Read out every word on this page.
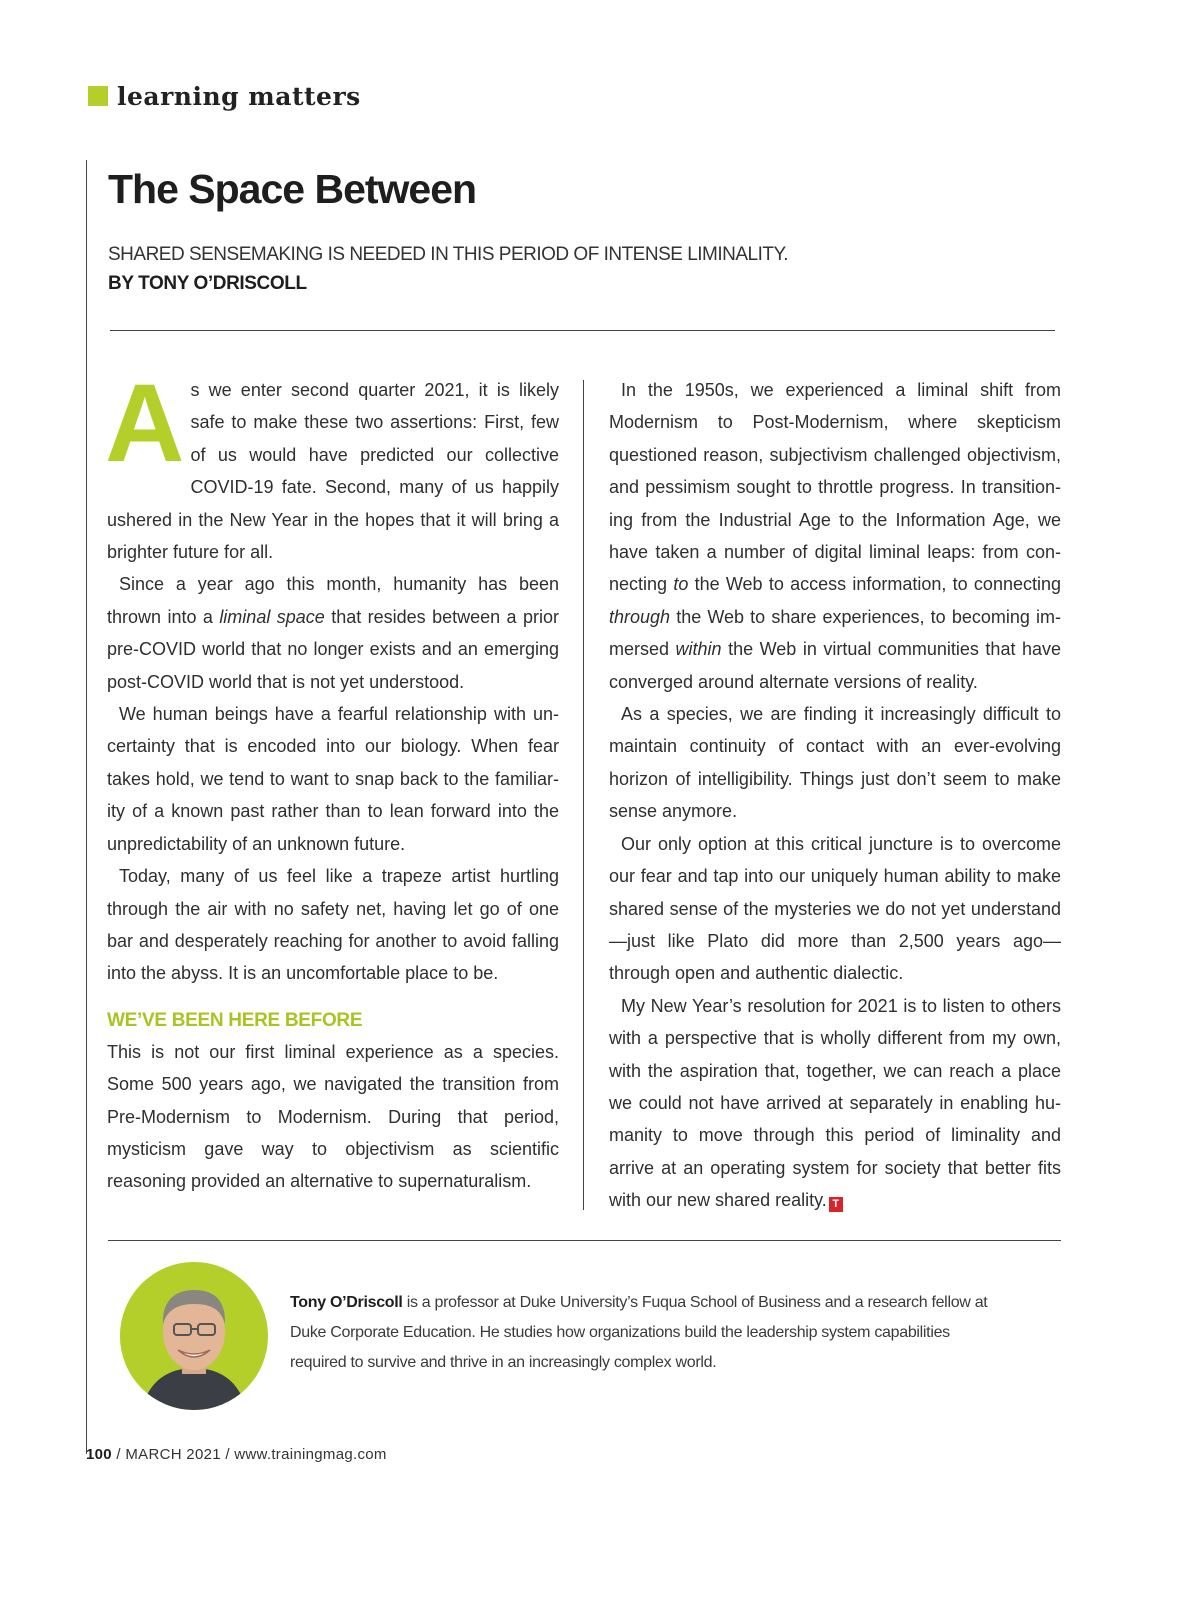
learning matters
The Space Between
SHARED SENSEMAKING IS NEEDED IN THIS PERIOD OF INTENSE LIMINALITY.
BY TONY O’DRISCOLL

As we enter second quarter 2021, it is likely safe to make these two assertions: First, few of us would have predicted our collective COVID-19 fate. Second, many of us happily ushered in the New Year in the hopes that it will bring a brighter future for all.

Since a year ago this month, humanity has been thrown into a liminal space that resides between a prior pre-COVID world that no longer exists and an emerging post-COVID world that is not yet understood.

We human beings have a fearful relationship with uncertainty that is encoded into our biology. When fear takes hold, we tend to want to snap back to the familiarity of a known past rather than to lean forward into the unpredictability of an unknown future.

Today, many of us feel like a trapeze artist hurtling through the air with no safety net, having let go of one bar and desperately reaching for another to avoid falling into the abyss. It is an uncomfortable place to be.

WE’VE BEEN HERE BEFORE

This is not our first liminal experience as a species. Some 500 years ago, we navigated the transition from Pre-Modernism to Modernism. During that period, mysticism gave way to objectivism as scientific reasoning provided an alternative to supernaturalism.

In the 1950s, we experienced a liminal shift from Modernism to Post-Modernism, where skepticism questioned reason, subjectivism challenged objectivism, and pessimism sought to throttle progress. In transitioning from the Industrial Age to the Information Age, we have taken a number of digital liminal leaps: from connecting to the Web to access information, to connecting through the Web to share experiences, to becoming immersed within the Web in virtual communities that have converged around alternate versions of reality.

As a species, we are finding it increasingly difficult to maintain continuity of contact with an ever-evolving horizon of intelligibility. Things just don’t seem to make sense anymore.

Our only option at this critical juncture is to overcome our fear and tap into our uniquely human ability to make shared sense of the mysteries we do not yet understand—just like Plato did more than 2,500 years ago—through open and authentic dialectic.

My New Year’s resolution for 2021 is to listen to others with a perspective that is wholly different from my own, with the aspiration that, together, we can reach a place we could not have arrived at separately in enabling humanity to move through this period of liminality and arrive at an operating system for society that better fits with our new shared reality. T

Tony O’Driscoll is a professor at Duke University’s Fuqua School of Business and a research fellow at Duke Corporate Education. He studies how organizations build the leadership system capabilities required to survive and thrive in an increasingly complex world.
100 / MARCH 2021 / www.trainingmag.com
